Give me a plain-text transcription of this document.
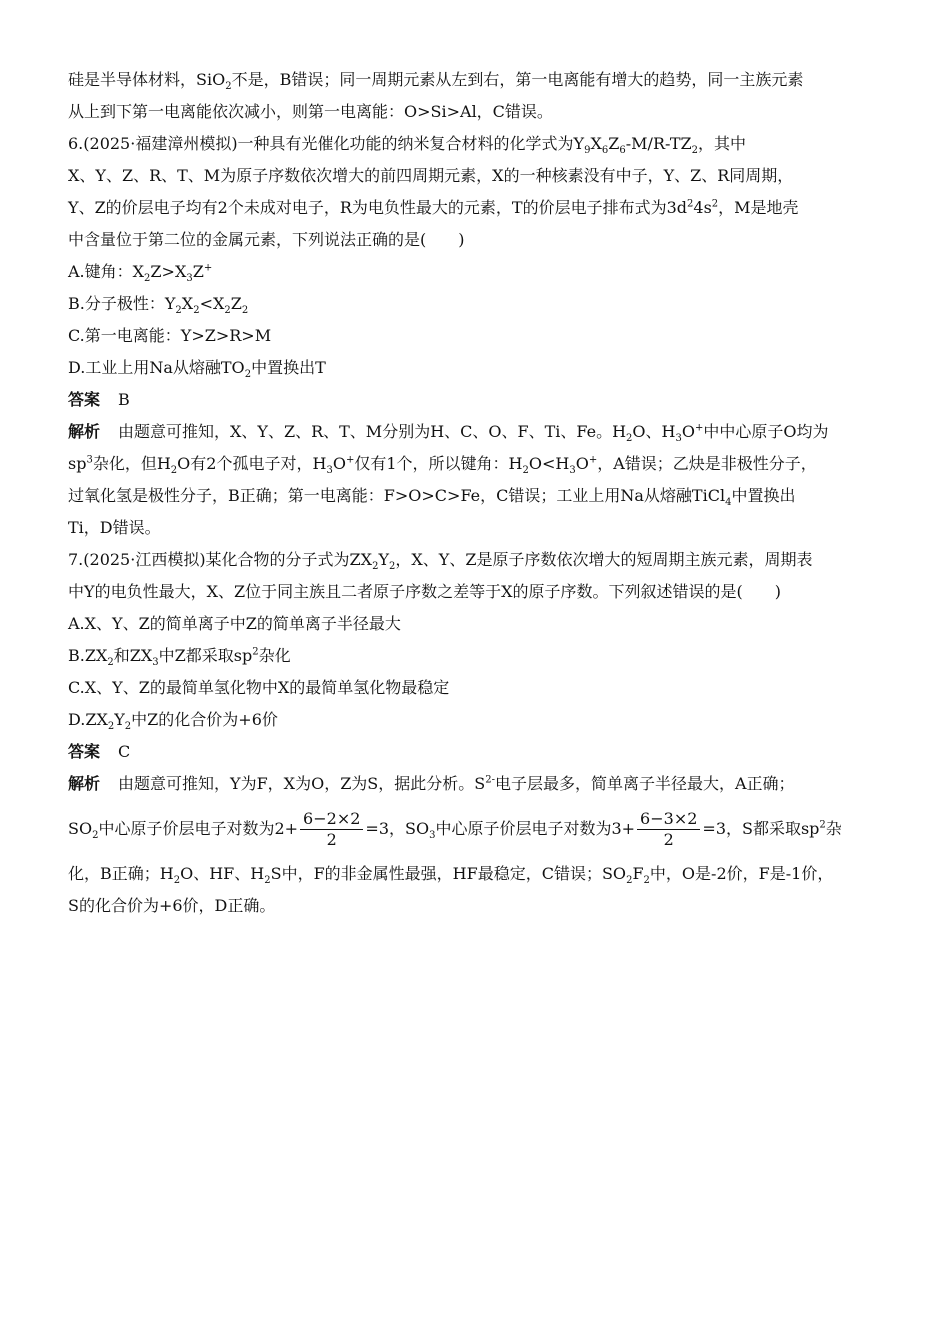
硅是半导体材料，SiO$_2$不是，B错误；同一周期元素从左到右，第一电离能有增大的趋势，同一主族元素
从上到下第一电离能依次减小，则第一电离能：O>Si>Al，C错误。
6.(2025·福建漳州模拟)一种具有光催化功能的纳米复合材料的化学式为$Y_9X_6Z_6-M/R-TZ_2$，其中
X、Y、Z、R、T、M为原子序数依次增大的前四周期元素，X的一种核素没有中子，Y、Z、R同周期，
Y、Z的价层电子均有2个未成对电子，R为电负性最大的元素，T的价层电子排布式为$3d^24s^2$，M是地壳
中含量位于第二位的金属元素，下列说法正确的是(　　)
A.键角：$X_2Z>X_3Z^+$
B.分子极性：$Y_2X_2<X_2Z_2$
C.第一电离能：Y>Z>R>M
D.工业上用Na从熔融$TO_2$中置换出T
答案 B
解析 由题意可推知，X、Y、Z、R、T、M分别为H、C、O、F、Ti、Fe。$H_2O$、$H_3O^+$中中心原子O均为
$sp^3$杂化，但$H_2O$有2个孤电子对，$H_3O^+$仅有1个，所以键角：$H_2O<H_3O^+$，A错误；乙炔是非极性分子，
过氧化氢是极性分子，B正确；第一电离能：F>O>C>Fe，C错误；工业上用Na从熔融TiCl$_4$中置换出
Ti，D错误。
7.(2025·江西模拟)某化合物的分子式为$ZX_2Y_2$，X、Y、Z是原子序数依次增大的短周期主族元素，周期表
中Y的电负性最大，X、Z位于同主族且二者原子序数之差等于X的原子序数。下列叙述错误的是(　　)
A.X、Y、Z的简单离子中Z的简单离子半径最大
$B.ZX_2$和$ZX_3$中Z都采取$sp^2$杂化
C.X、Y、Z的最简单氢化物中X的最简单氢化物最稳定
$D.ZX_2Y_2$中Z的化合价为+6价
答案 C
解析 由题意可推知，Y为F，X为O，Z为S，据此分析。$S^{2-}$电子层最多，简单离子半径最大，A正确；
$SO_2$中心原子价层电子对数为$2+ \frac{6-2\times 2}{2} =3$，$SO_3$中心原子价层电子对数为$3+ \frac{6-3\times 2}{2} =3$，S都采取$sp^2$杂
化，B正确；$H_2O$、HF、$H_2S$中，F的非金属性最强，HF最稳定，C错误；$SO_2F_2$中，O是-2价，F是-1价，
S的化合价为+6价，D正确。
